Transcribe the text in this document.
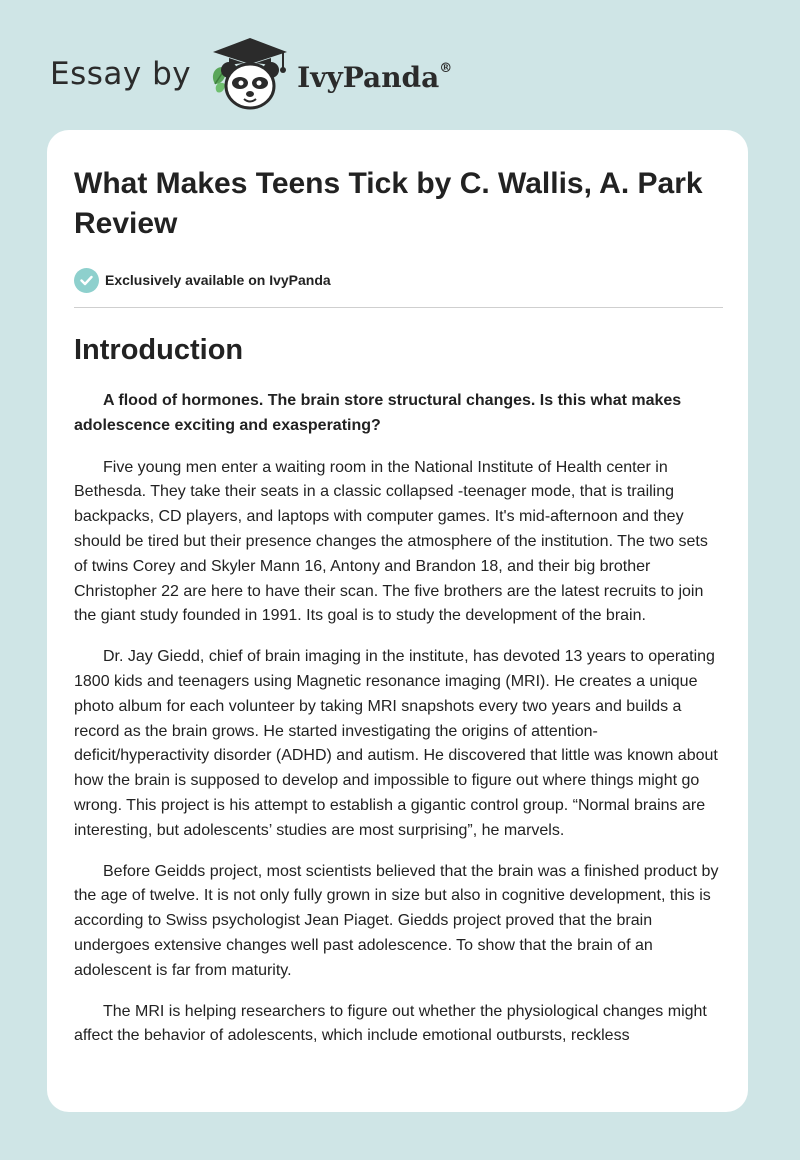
Essay by	IvyPanda®
What Makes Teens Tick by C. Wallis, A. Park Review
Exclusively available on IvyPanda
Introduction

A flood of hormones. The brain store structural changes. Is this what makes adolescence exciting and exasperating?

Five young men enter a waiting room in the National Institute of Health center in Bethesda. They take their seats in a classic collapsed -teenager mode, that is trailing backpacks, CD players, and laptops with computer games. It's mid-afternoon and they should be tired but their presence changes the atmosphere of the institution. The two sets of twins Corey and Skyler Mann 16, Antony and Brandon 18, and their big brother Christopher 22 are here to have their scan. The five brothers are the latest recruits to join the giant study founded in 1991. Its goal is to study the development of the brain.

Dr. Jay Giedd, chief of brain imaging in the institute, has devoted 13 years to operating 1800 kids and teenagers using Magnetic resonance imaging (MRI). He creates a unique photo album for each volunteer by taking MRI snapshots every two years and builds a record as the brain grows. He started investigating the origins of attention-deficit/hyperactivity disorder (ADHD) and autism. He discovered that little was known about how the brain is supposed to develop and impossible to figure out where things might go wrong. This project is his attempt to establish a gigantic control group. “Normal brains are interesting, but adolescents’ studies are most surprising”, he marvels.

Before Geidds project, most scientists believed that the brain was a finished product by the age of twelve. It is not only fully grown in size but also in cognitive development, this is according to Swiss psychologist Jean Piaget. Giedds project proved that the brain undergoes extensive changes well past adolescence. To show that the brain of an adolescent is far from maturity.

The MRI is helping researchers to figure out whether the physiological changes might affect the behavior of adolescents, which include emotional outbursts, reckless
